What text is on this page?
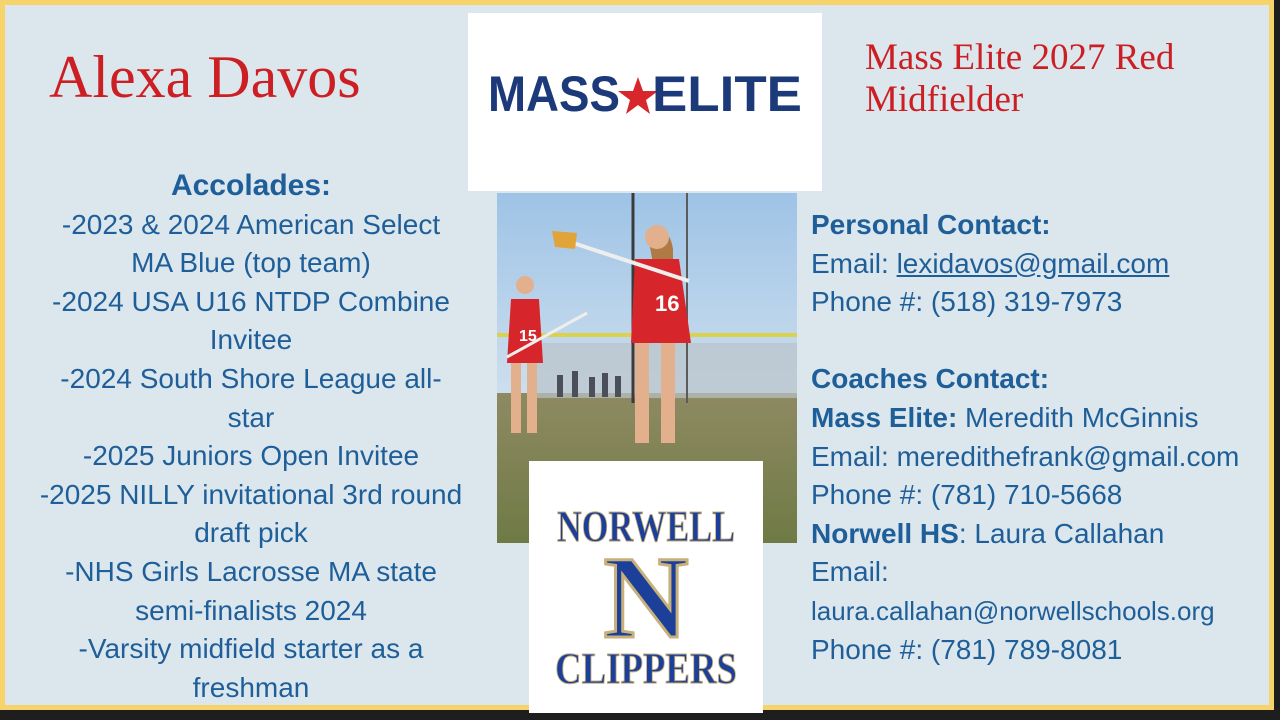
Alexa Davos	Mass Elite 2027 Red
Midfielder
MASS ELITE
15
16
NORWELL
N
CLIPPERS
Accolades:
-2023 & 2024 American Select
MA Blue (top team)
-2024 USA U16 NTDP Combine
Invitee
-2024 South Shore League all-
star
-2025 Juniors Open Invitee
-2025 NILLY invitational 3rd round
draft pick
-NHS Girls Lacrosse MA state
semi-finalists 2024
-Varsity midfield starter as a
freshman
Personal Contact:
Email: lexidavos@gmail.com
Phone #: (518) 319-7973
Coaches Contact:
Mass Elite: Meredith McGinnis
Email: meredithefrank@gmail.com
Phone #: (781) 710-5668
Norwell HS: Laura Callahan
Email:
laura.callahan@norwellschools.org
Phone #: (781) 789-8081
